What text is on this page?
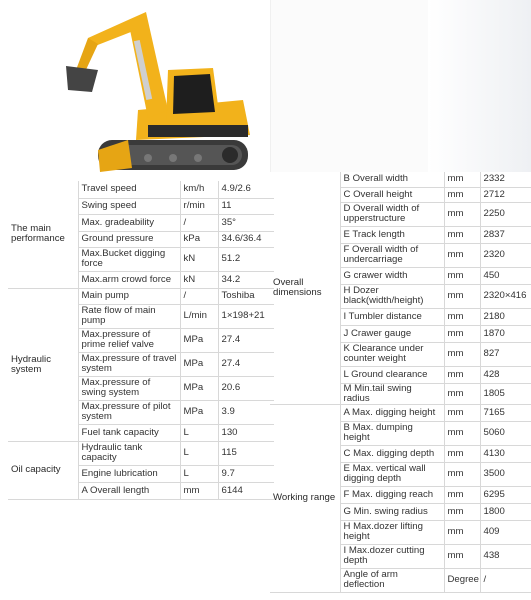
The main performance	Travel speed	km/h	4.9/2.6
	Swing speed	r/min	11
	Max. gradeability	/	35°
	Ground pressure	kPa	34.6/36.4
	Max.Bucket digging force	kN	51.2
	Max.arm crowd force	kN	34.2
Hydraulic system	Main pump	/	Toshiba
	Rate flow of main pump	L/min	1×198+21
	Max.pressure of prime relief valve	MPa	27.4
	Max.pressure of travel system	MPa	27.4
	Max.pressure of swing system	MPa	20.6
	Max.pressure of pilot system	MPa	3.9
	Fuel tank capacity	L	130
Oil capacity	Hydraulic tank capacity	L	115
	Engine lubrication	L	9.7
	A Overall length	mm	6144
Overall dimensions	B Overall width	mm	2332
	C Overall height	mm	2712
	D Overall width of upperstructure	mm	2250
	E Track length	mm	2837
	F Overall width of undercarriage	mm	2320
	G crawer width	mm	450
	H Dozer black(width/height)	mm	2320×416
	I Tumbler distance	mm	2180
	J Crawer gauge	mm	1870
	K Clearance under counter weight	mm	827
	L Ground clearance	mm	428
	M Min.tail swing radius	mm	1805
Working range	A Max. digging height	mm	7165
	B Max. dumping height	mm	5060
	C Max. digging depth	mm	4130
	E Max. vertical wall digging depth	mm	3500
	F Max. digging reach	mm	6295
	G Min. swing radius	mm	1800
	H Max.dozer lifting height	mm	409
	I Max.dozer cutting depth	mm	438
	Angle of arm deflection	Degree	/
